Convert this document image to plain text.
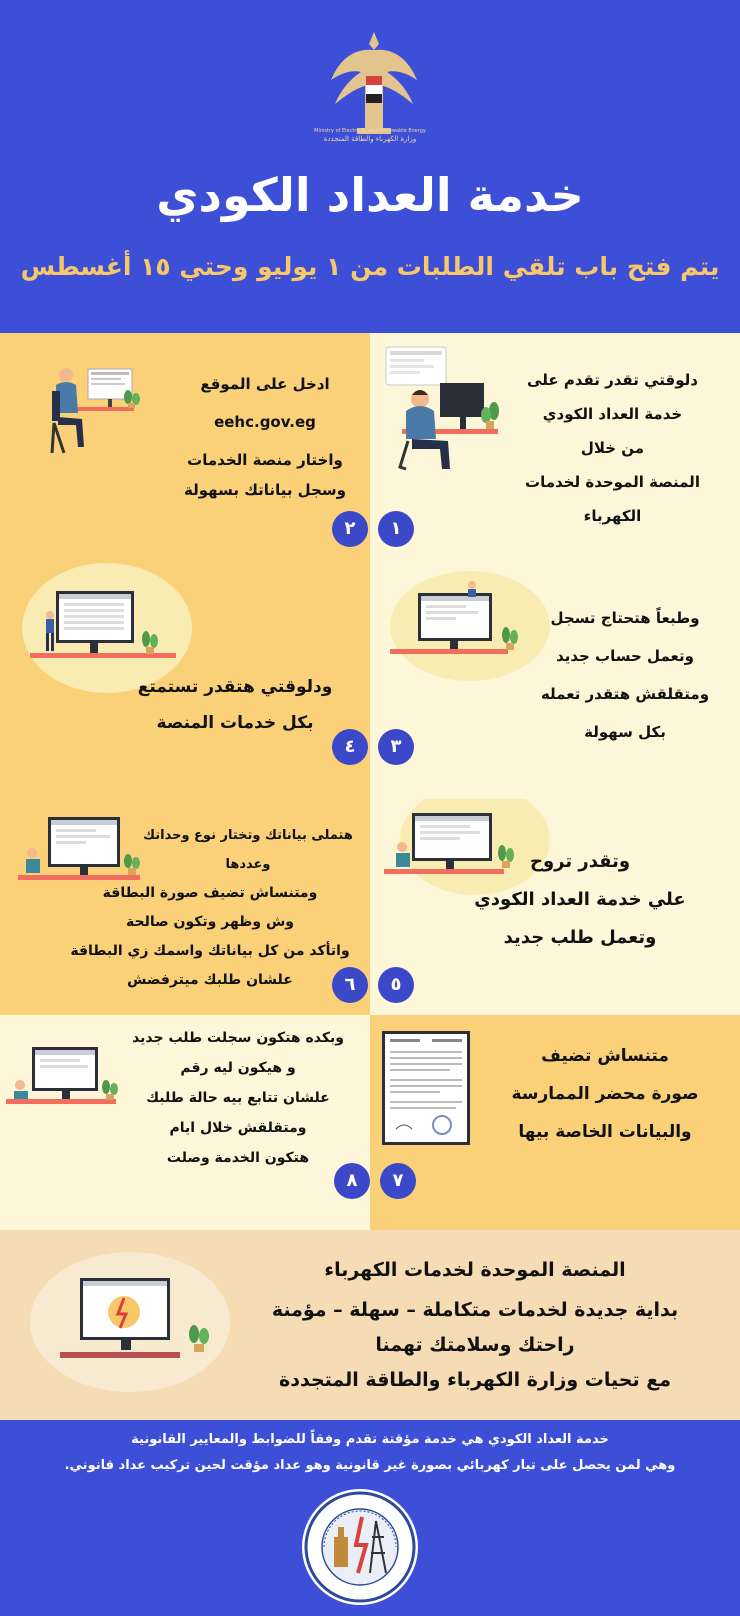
Ministry of Electricity and Renewable Energy
وزارة الكهرباء والطاقة المتجددة
خدمة العداد الكودي
يتم فتح باب تلقي الطلبات من ١ يوليو وحتي ١٥ أغسطس
دلوقتي تقدر تقدم على
خدمة العداد الكودي
من خلال
المنصة الموحدة لخدمات الكهرباء
١
ادخل على الموقع
eehc.gov.eg
واختار منصة الخدمات
وسجل بياناتك بسهولة
٢
وطبعاً هتحتاج تسجل
وتعمل حساب جديد
ومتقلقش هتقدر تعمله
بكل سهولة
٣
ودلوقتي هتقدر تستمتع
بكل خدمات المنصة
٤
وتقدر تروح
علي خدمة العداد الكودي
وتعمل طلب جديد
٥
هتملى بياناتك وتختار نوع وحداتك
وعددها
ومتنساش تضيف صورة البطاقة
وش وظهر وتكون صالحة
واتأكد من كل بياناتك واسمك زي البطاقة
علشان طلبك ميترفضش	٦
متنساش تضيف
صورة محضر الممارسة
والبيانات الخاصة بيها
٧
وبكده هتكون سجلت طلب جديد
و هيكون ليه رقم
علشان تتابع بيه حالة طلبك
ومتقلقش خلال ايام
هتكون الخدمة وصلت
٨
المنصة الموحدة لخدمات الكهرباء
بداية جديدة لخدمات متكاملة – سهلة – مؤمنة
راحتك وسلامتك تهمنا
مع تحيات وزارة الكهرباء والطاقة المتجددة
خدمة العداد الكودي هي خدمة مؤقتة تقدم وفقاً للضوابط والمعايير القانونية
وهي لمن يحصل على تيار كهربائي بصورة غير قانونية وهو عداد مؤقت لحين تركيب عداد قانوني.
